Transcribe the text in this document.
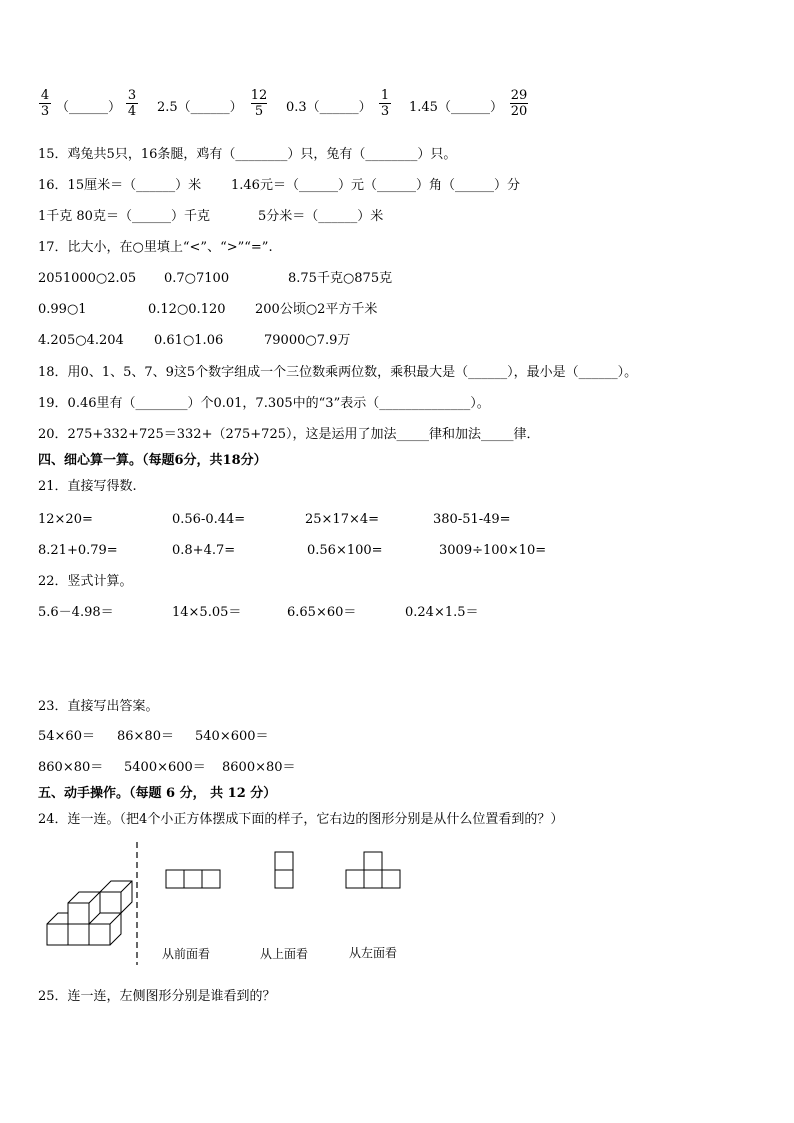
4
3 （______）
3
4 2.5（______）
12
5	0.3（______）
1
3 1.45（______）
29
20
15．鸡兔共5只，16条腿，鸡有（________）只，兔有（________）只。
16．15厘米＝（______）米 1.46元＝（______）元（______）角（______）分
1千克 80克＝（______）千克	5分米＝（______）米
17．比大小，在○里填上“<”、“>”“=”.
2051000○2.05 0.7○7100	8.75千克○875克
0.99○1	0.12○0.120 200公顷○2平方千米
4.205○4.204 0.61○1.06	79000○7.9万
18．用0、1、5、7、9这5个数字组成一个三位数乘两位数，乘积最大是（______），最小是（______）。
19．0.46里有（________）个0.01，7.305中的“3”表示（______________）。
20．275+332+725＝332+（275+725），这是运用了加法_____律和加法_____律．
四、细心算一算。（每题6分，共18分）
21．直接写得数.
12×20=	0.56-0.44=	25×17×4=	380-51-49=
8.21+0.79=	0.8+4.7=	0.56×100=	3009÷100×10=
22．竖式计算。
5.6－4.98＝	14×5.05＝	6.65×60＝	0.24×1.5＝
23．直接写出答案。
54×60＝ 86×80＝ 540×600＝
860×80＝ 5400×600＝ 8600×80＝
五、动手操作。（每题 6 分， 共 12 分）
24．连一连。（把4个小正方体摆成下面的样子，它右边的图形分别是从什么位置看到的？）
从前面看	从上面看	从左面看
25．连一连，左侧图形分别是谁看到的？
